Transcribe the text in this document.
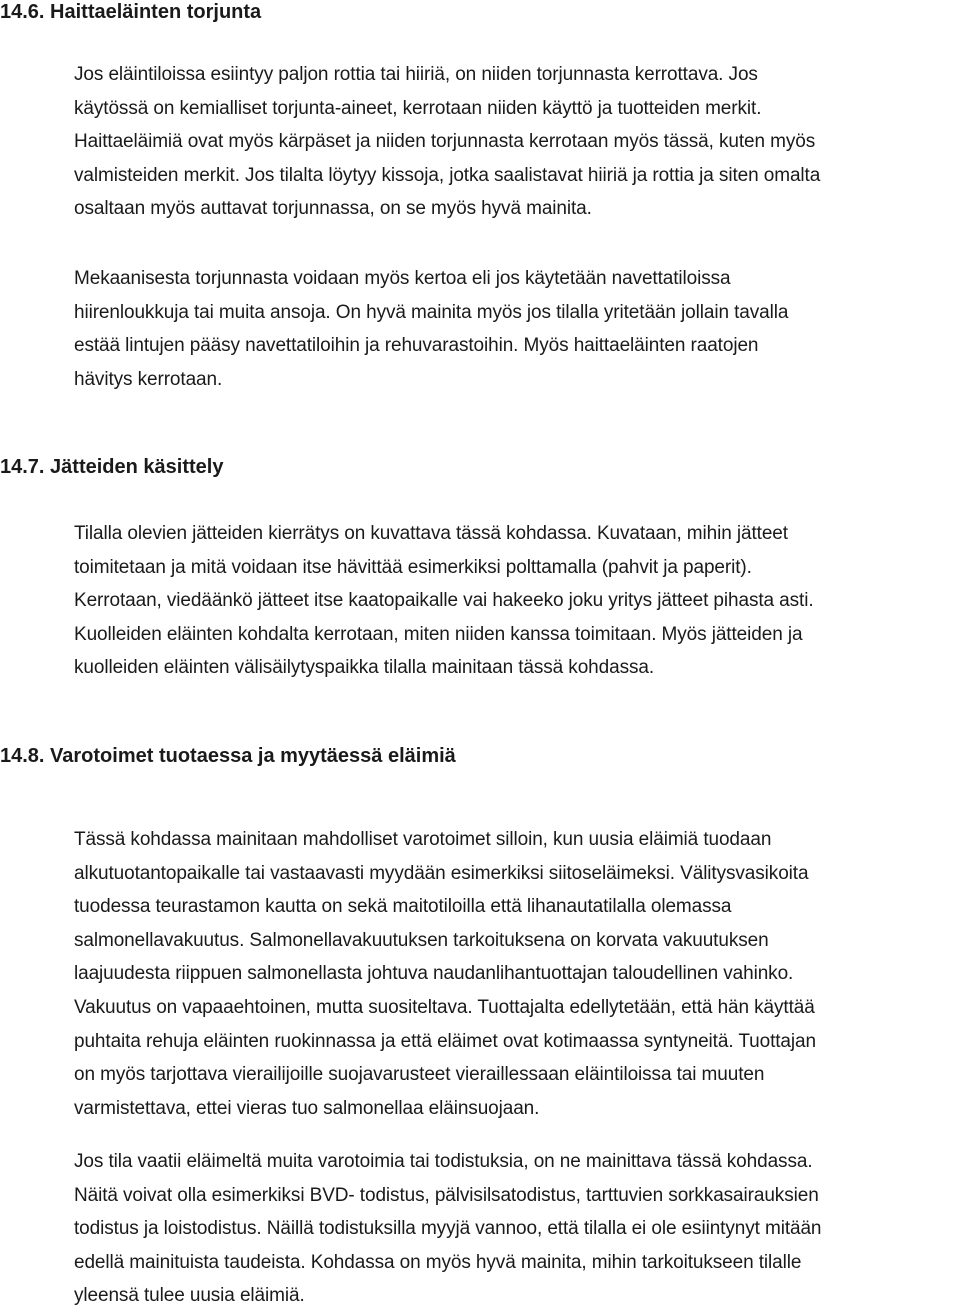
14.6. Haittaeläinten torjunta

Jos eläintiloissa esiintyy paljon rottia tai hiiriä, on niiden torjunnasta kerrottava. Jos
käytössä on kemialliset torjunta-aineet, kerrotaan niiden käyttö ja tuotteiden merkit.
Haittaeläimiä ovat myös kärpäset ja niiden torjunnasta kerrotaan myös tässä, kuten myös
valmisteiden merkit. Jos tilalta löytyy kissoja, jotka saalistavat hiiriä ja rottia ja siten omalta
osaltaan myös auttavat torjunnassa, on se myös hyvä mainita.

Mekaanisesta torjunnasta voidaan myös kertoa eli jos käytetään navettatiloissa
hiirenloukkuja tai muita ansoja. On hyvä mainita myös jos tilalla yritetään jollain tavalla
estää lintujen pääsy navettatiloihin ja rehuvarastoihin. Myös haittaeläinten raatojen
hävitys kerrotaan.

14.7. Jätteiden käsittely

Tilalla olevien jätteiden kierrätys on kuvattava tässä kohdassa. Kuvataan, mihin jätteet
toimitetaan ja mitä voidaan itse hävittää esimerkiksi polttamalla (pahvit ja paperit).
Kerrotaan, viedäänkö jätteet itse kaatopaikalle vai hakeeko joku yritys jätteet pihasta asti.
Kuolleiden eläinten kohdalta kerrotaan, miten niiden kanssa toimitaan. Myös jätteiden ja
kuolleiden eläinten välisäilytyspaikka tilalla mainitaan tässä kohdassa.

14.8. Varotoimet tuotaessa ja myytäessä eläimiä

Tässä kohdassa mainitaan mahdolliset varotoimet silloin, kun uusia eläimiä tuodaan
alkutuotantopaikalle tai vastaavasti myydään esimerkiksi siitoseläimeksi. Välitysvasikoita
tuodessa teurastamon kautta on sekä maitotiloilla että lihanautatilalla olemassa
salmonellavakuutus. Salmonellavakuutuksen tarkoituksena on korvata vakuutuksen
laajuudesta riippuen salmonellasta johtuva naudanlihantuottajan taloudellinen vahinko.
Vakuutus on vapaaehtoinen, mutta suositeltava. Tuottajalta edellytetään, että hän käyttää
puhtaita rehuja eläinten ruokinnassa ja että eläimet ovat kotimaassa syntyneitä. Tuottajan
on myös tarjottava vierailijoille suojavarusteet vieraillessaan eläintiloissa tai muuten
varmistettava, ettei vieras tuo salmonellaa eläinsuojaan.

Jos tila vaatii eläimeltä muita varotoimia tai todistuksia, on ne mainittava tässä kohdassa.
Näitä voivat olla esimerkiksi BVD- todistus, pälvisilsatodistus, tarttuvien sorkkasairauksien
todistus ja loistodistus. Näillä todistuksilla myyjä vannoo, että tilalla ei ole esiintynyt mitään
edellä mainituista taudeista. Kohdassa on myös hyvä mainita, mihin tarkoitukseen tilalle
yleensä tulee uusia eläimiä.
